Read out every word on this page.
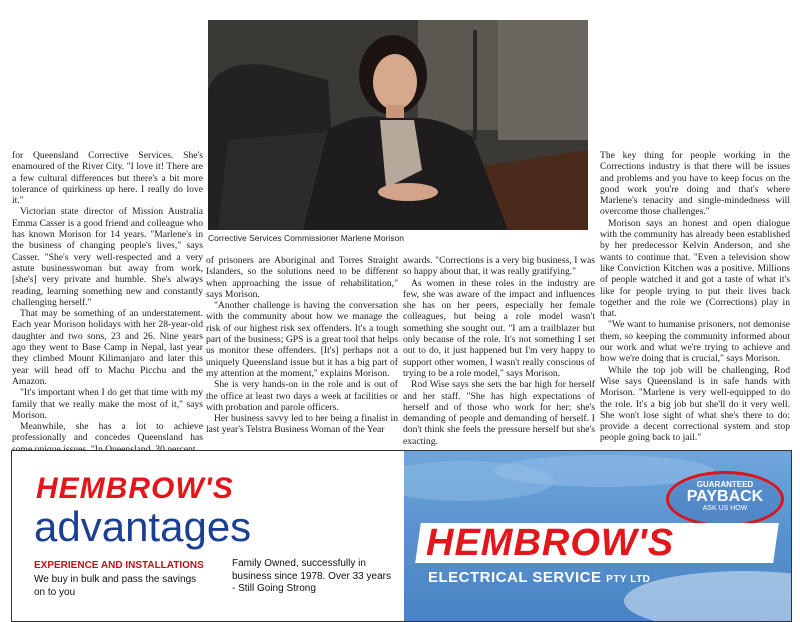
for Queensland Corrective Services. She's enamoured of the River City. "I love it! There are a few cultural differences but there's a bit more tolerance of quirkiness up here. I really do love it."

Victorian state director of Mission Australia Emma Casser is a good friend and colleague who has known Morison for 14 years. "Marlene's in the business of changing people's lives," says Casser. "She's very well-respected and a very astute businesswoman but away from work, [she's] very private and humble. She's always reading, learning something new and constantly challenging herself."

That may be something of an understatement. Each year Morison holidays with her 28-year-old daughter and two sons, 23 and 26. Nine years ago they went to Base Camp in Nepal, last year they climbed Mount Kilimanjaro and later this year will head off to Machu Picchu and the Amazon.

"It's important when I do get that time with my family that we really make the most of it," says Morison.

Meanwhile, she has a lot to achieve professionally and concedes Queensland has

Corrective Services Commissioner Marlene Morison

of prisoners are Aboriginal and Torres Straight Islanders, so the solutions need to be different when approaching the issue of rehabilitation," says Morison.

"Another challenge is having the conversation with the community about how we manage the risk of our highest risk sex offenders. It's a tough part of the business; GPS is a great tool that helps us monitor these offenders. [It's] perhaps not a uniquely Queensland issue but it has a big part of my attention at the moment," explains Morison.

She is very hands-on in the role and is out of the office at least two days a week at facilities or with probation and parole officers.

Her business savvy led to her being a finalist in last year's Telstra Business Woman of the Year

awards. "Corrections is a very big business, I was so happy about that, it was really gratifying."

As women in these roles in the industry are few, she was aware of the impact and influences she has on her peers, especially her female colleagues, but being a role model wasn't something she sought out. "I am a trailblazer but only because of the role. It's not something I set out to do, it just happened but I'm very happy to support other women, I wasn't really conscious of trying to be a role model," says Morison.

Rod Wise says she sets the bar high for herself and her staff. "She has high expectations of herself and of those who work for her; she's demanding of people and demanding of herself. I don't think she feels the pressure herself but she's exacting.

The key thing for people working in the Corrections industry is that there will be issues and problems and you have to keep focus on the good work you're doing and that's where Marlene's tenacity and single-mindedness will overcome those challenges."

Morison says an honest and open dialogue with the community has already been established by her predecessor Kelvin Anderson, and she wants to continue that. "Even a television show like Conviction Kitchen was a positive. Millions of people watched it and got a taste of what it's like for people trying to put their lives back together and the role we (Corrections) play in that.

"We want to humanise prisoners, not demonise them, so keeping the community informed about our work and what we're trying to achieve and how we're doing that is crucial," says Morison.

While the top job will be challenging, Rod Wise says Queensland is in safe hands with Morison. "Marlene is very well-equipped to do the role. It's a big job but she'll do it very well. She won't lose sight of what she's there to do: provide a decent correctional system and stop people going back to jail."

HEMBROW'S
advantages
EXPERIENCE AND INSTALLATIONS
We buy in bulk and pass the savings
on to you
Family Owned, successfully in business since 1978. Over 33 years - Still Going Strong
GUARANTEED
PAYBACK
ASK US HOW
HEMBROW'S
ELECTRICAL SERVICE PTY LTD
